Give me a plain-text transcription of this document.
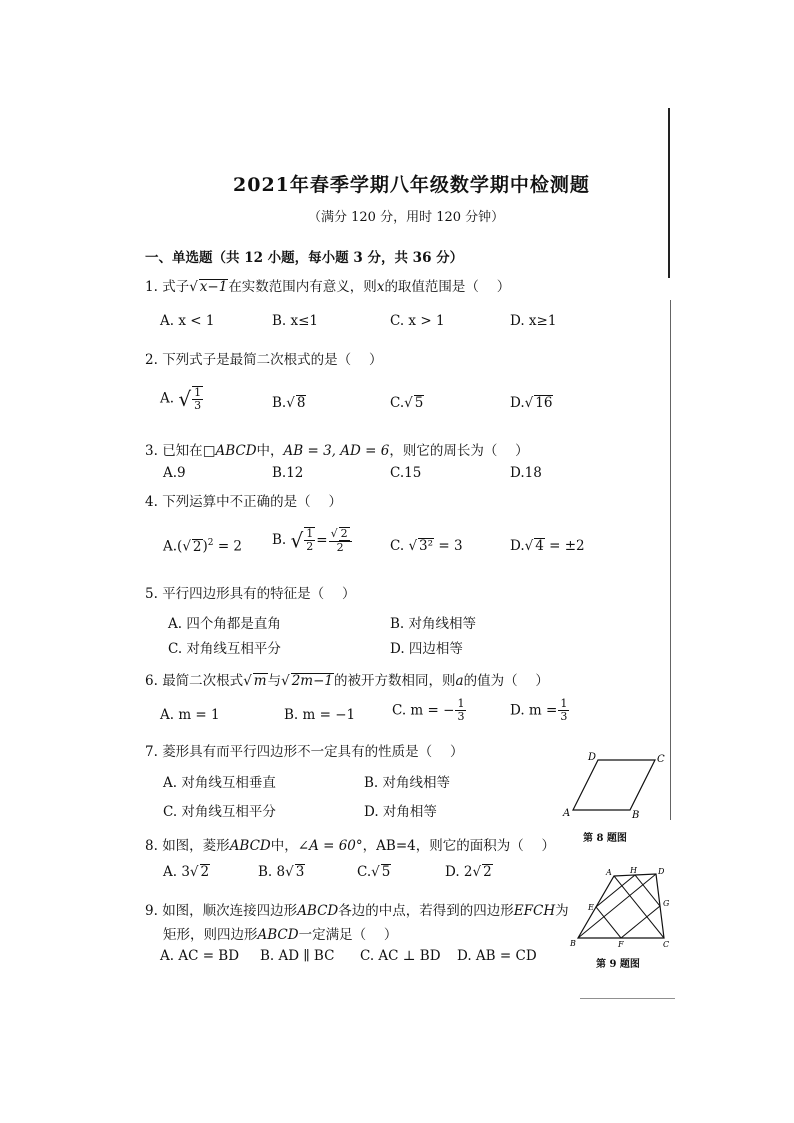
2021年春季学期八年级数学期中检测题
（满分 120 分，用时 120 分钟）
一、单选题（共 12 小题，每小题 3 分，共 36 分）
1. 式子√ x−1在实数范围内有意义，则x的取值范围是（　 ）
A. x < 1	B. x≤1	C. x > 1	D. x≥1
2. 下列式子是最简二次根式的是（　 ）
A. √ $\frac{1}{3}$	B.√ 8	C.√ 5	D.√ 16
3. 已知在□ABCD中，AB = 3, AD = 6，则它的周长为（　 ）
A.9	B.12	C.15	D.18
4. 下列运算中不正确的是（　 ）
A.(√ 2)$^2$ = 2 B. √ $\frac{1}{2} = \frac{√ 2}{2}$	C. √ 3² = 3	D.√ 4 = ±2
5. 平行四边形具有的特征是（　 ）
A. 四个角都是直角	B. 对角线相等
C. 对角线互相平分	D. 四边相等
6. 最简二次根式√ m与√ 2m−1的被开方数相同，则a的值为（　 ）
A. m = 1	B. m = −1	C. m = − $\frac{1}{3}$	D. $m = \frac{1}{3}$
7. 菱形具有而平行四边形不一定具有的性质是（　 ）
A. 对角线互相垂直	B. 对角线相等
C. 对角线互相平分	D. 对角相等
D	C
A	B
第 8 题图
8. 如图，菱形ABCD中，∠A = 60°，AB=4，则它的面积为（　 ）
A. 3√ 2	B. 8√ 3	C.√ 5	D. 2√ 2	A H	D
E	G
B	F	C
第 9 题图
9. 如图，顺次连接四边形ABCD各边的中点，若得到的四边形EFCH为
矩形，则四边形ABCD一定满足（　 ）
A. AC = BD B. AD ∥ BC C. AC ⊥ BD D. AB = CD
